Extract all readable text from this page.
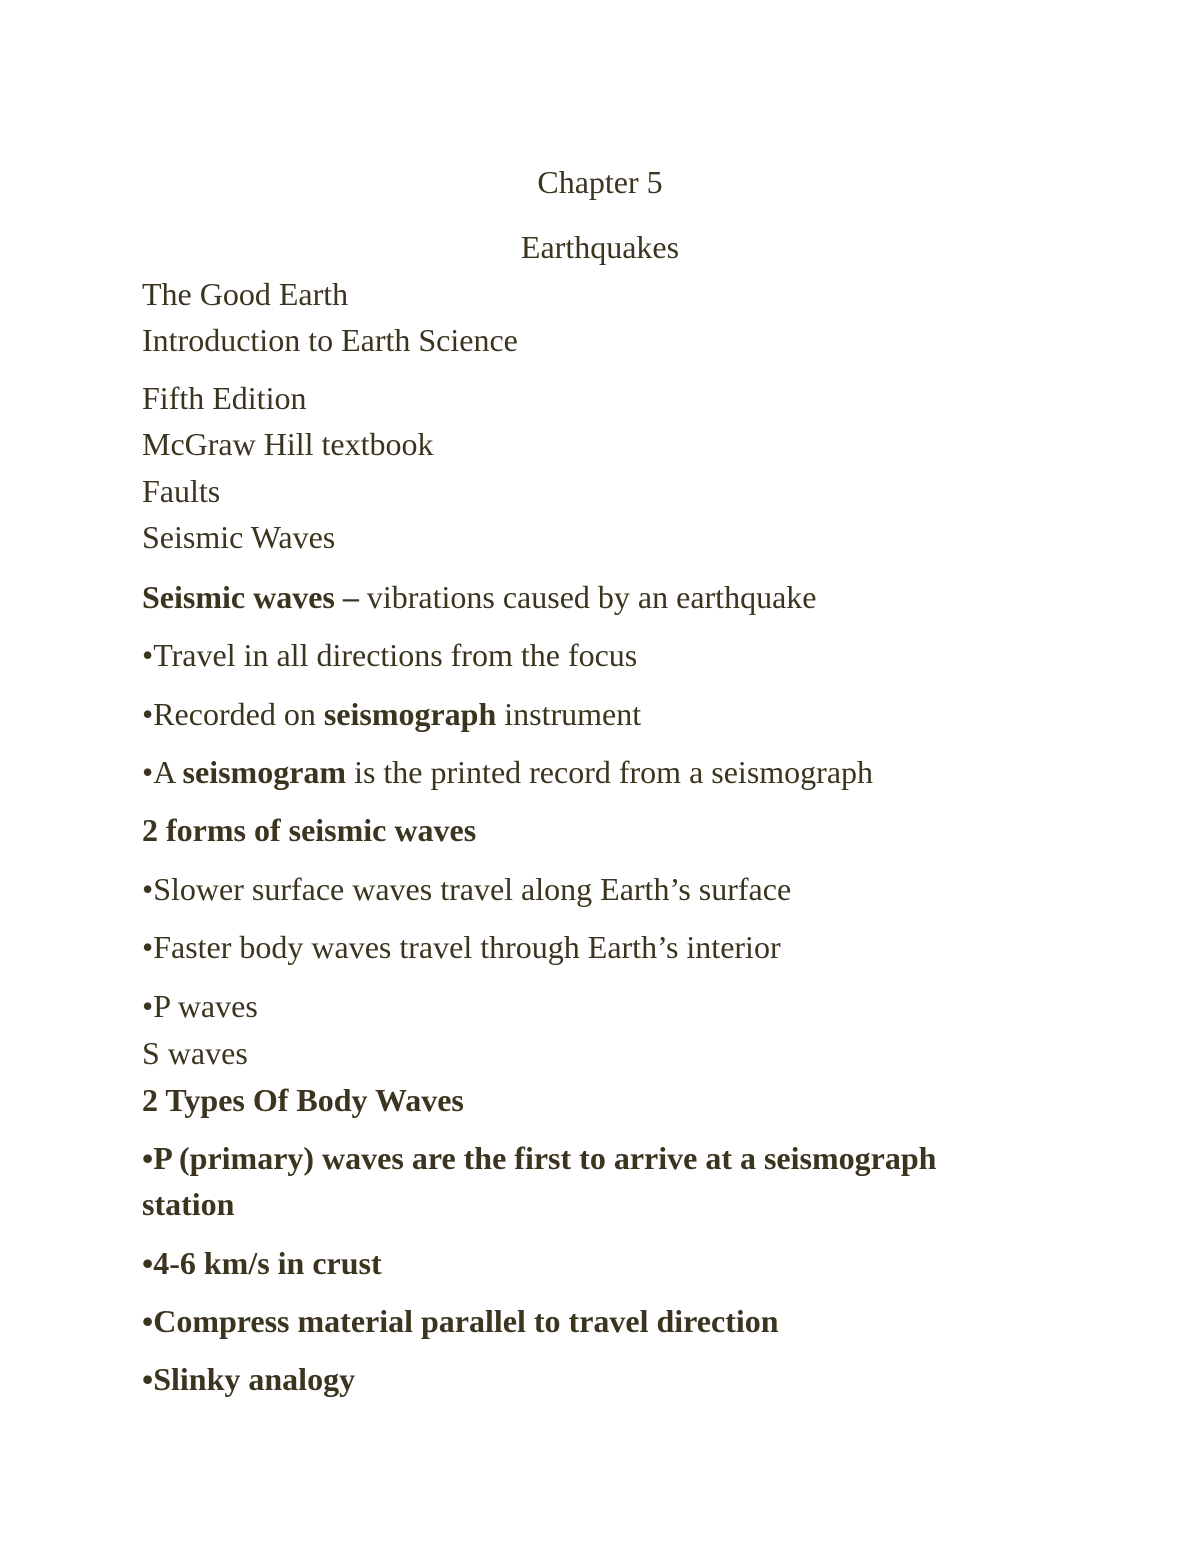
Chapter 5
Earthquakes
The Good Earth
Introduction to Earth Science
Fifth Edition
McGraw Hill textbook
Faults
Seismic Waves
Seismic waves – vibrations caused by an earthquake
•Travel in all directions from the focus
•Recorded on seismograph instrument
•A seismogram is the printed record from a seismograph
2 forms of seismic waves
•Slower surface waves travel along Earth’s surface
•Faster body waves travel through Earth’s interior
•P waves
S waves
2 Types Of Body Waves
•P (primary) waves are the first to arrive at a seismograph
station
•4-6 km/s in crust
•Compress material parallel to travel direction
•Slinky analogy
